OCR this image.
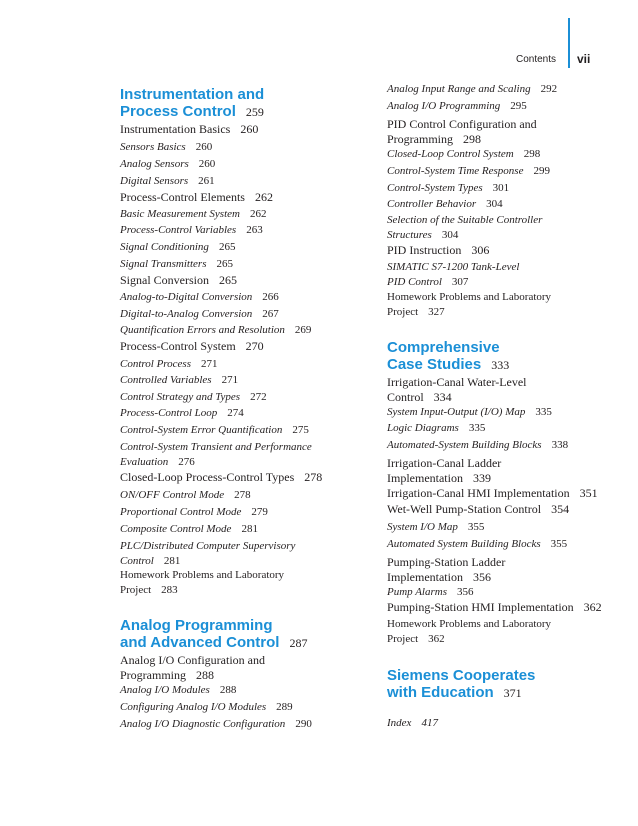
Contents vii
Instrumentation and
Process Control 259
Instrumentation Basics 260
Sensors Basics 260
Analog Sensors 260
Digital Sensors 261
Process-Control Elements 262
Basic Measurement System 262
Process-Control Variables 263
Signal Conditioning 265
Signal Transmitters 265
Signal Conversion 265
Analog-to-Digital Conversion 266
Digital-to-Analog Conversion 267
Quantification Errors and Resolution 269
Process-Control System 270
Control Process 271
Controlled Variables 271
Control Strategy and Types 272
Process-Control Loop 274
Control-System Error Quantification 275
Control-System Transient and Performance
Evaluation 276
Closed-Loop Process-Control Types 278
ON/OFF Control Mode 278
Proportional Control Mode 279
Composite Control Mode 281
PLC/Distributed Computer Supervisory
Control 281
Homework Problems and Laboratory
Project 283
Analog Programming
and Advanced Control 287
Analog I/O Configuration and
Programming 288
Analog I/O Modules 288
Configuring Analog I/O Modules 289
Analog I/O Diagnostic Configuration 290
Analog Input Range and Scaling 292
Analog I/O Programming 295
PID Control Configuration and
Programming 298
Closed-Loop Control System 298
Control-System Time Response 299
Control-System Types 301
Controller Behavior 304
Selection of the Suitable Controller
Structures 304
PID Instruction 306
SIMATIC S7-1200 Tank-Level
PID Control 307
Homework Problems and Laboratory
Project 327
Comprehensive
Case Studies 333
Irrigation-Canal Water-Level
Control 334
System Input-Output (I/O) Map 335
Logic Diagrams 335
Automated-System Building Blocks 338
Irrigation-Canal Ladder
Implementation 339
Irrigation-Canal HMI Implementation 351
Wet-Well Pump-Station Control 354
System I/O Map 355
Automated System Building Blocks 355
Pumping-Station Ladder
Implementation 356
Pump Alarms 356
Pumping-Station HMI Implementation 362
Homework Problems and Laboratory
Project 362
Siemens Cooperates
with Education 371
Index 417
